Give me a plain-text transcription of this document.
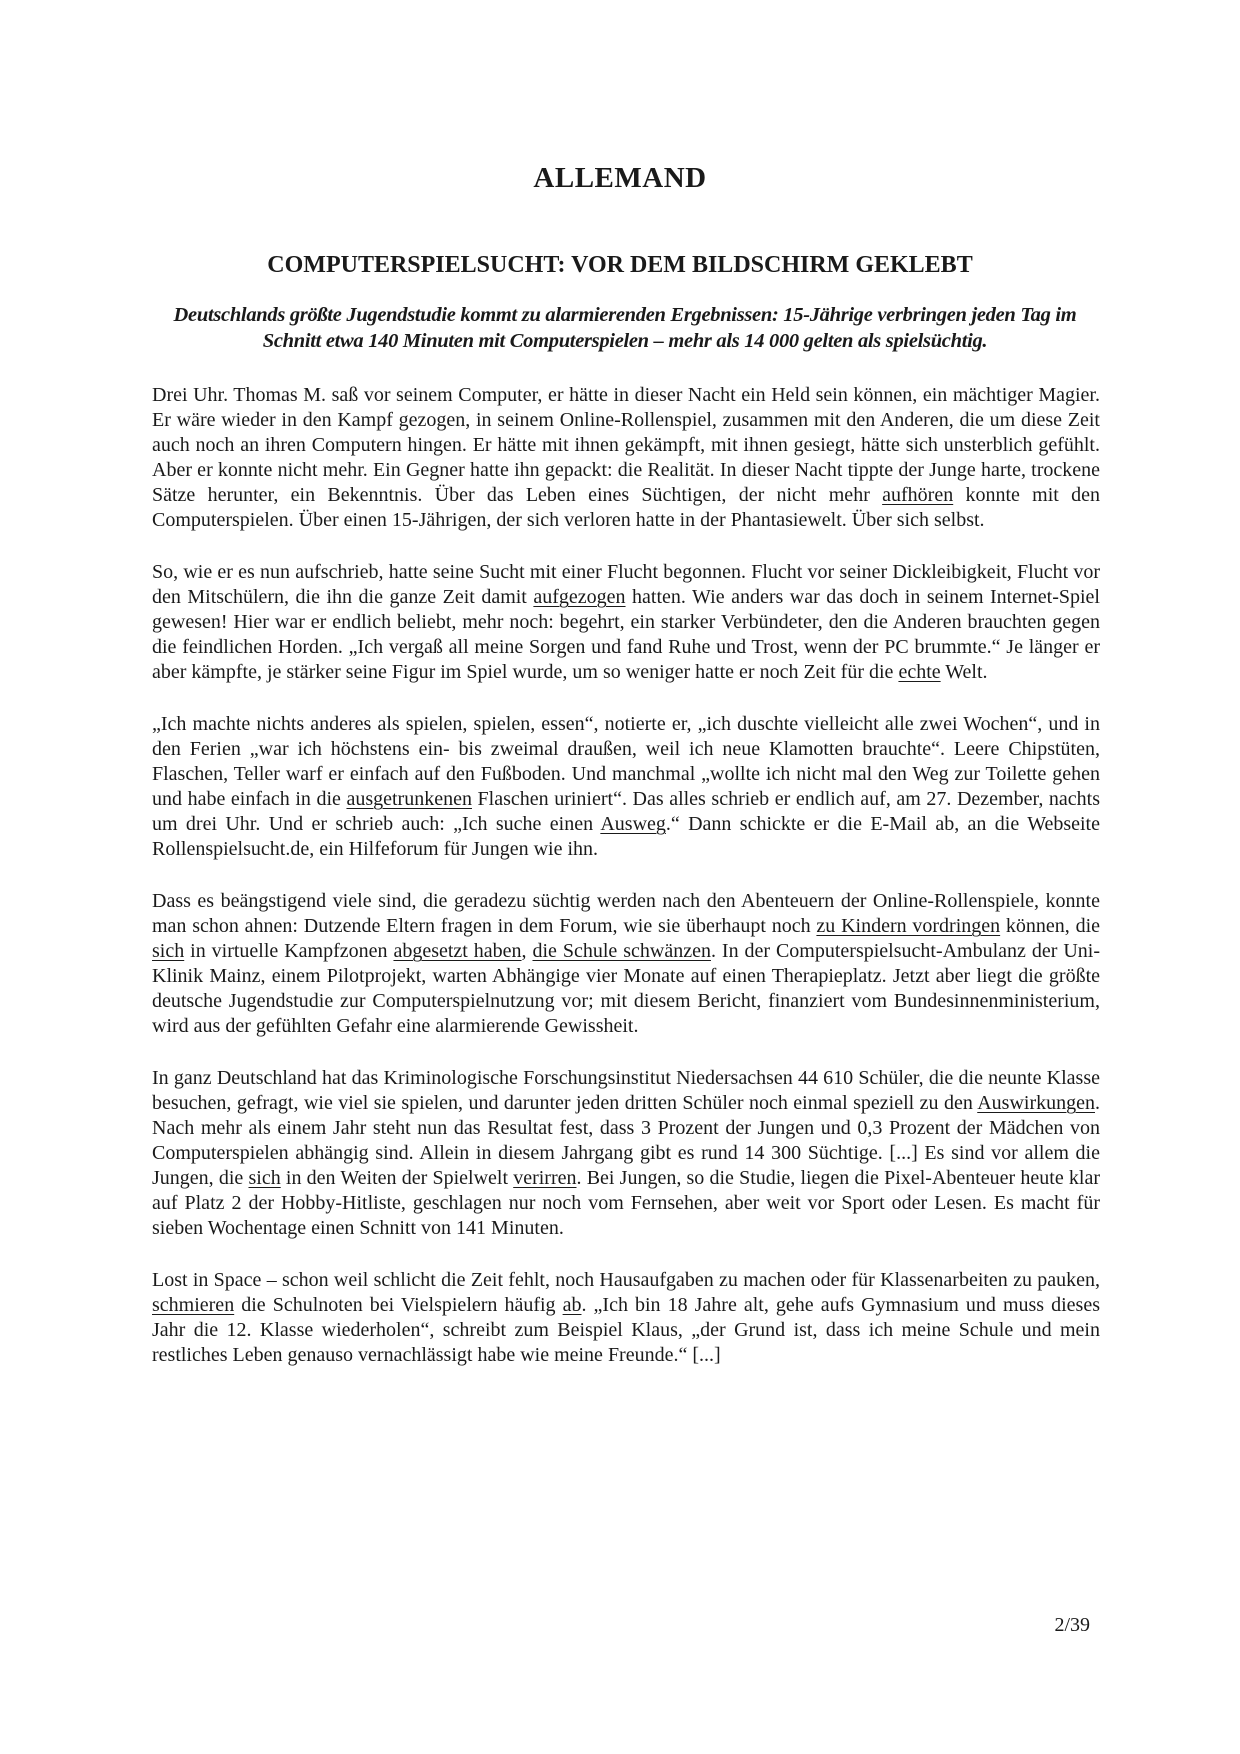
ALLEMAND
COMPUTERSPIELSUCHT: VOR DEM BILDSCHIRM GEKLEBT
Deutschlands größte Jugendstudie kommt zu alarmierenden Ergebnissen: 15-Jährige verbringen jeden Tag im Schnitt etwa 140 Minuten mit Computerspielen – mehr als 14 000 gelten als spielsüchtig.

Drei Uhr. Thomas M. saß vor seinem Computer, er hätte in dieser Nacht ein Held sein können, ein mächtiger Magier. Er wäre wieder in den Kampf gezogen, in seinem Online-Rollenspiel, zusammen mit den Anderen, die um diese Zeit auch noch an ihren Computern hingen. Er hätte mit ihnen gekämpft, mit ihnen gesiegt, hätte sich unsterblich gefühlt. Aber er konnte nicht mehr. Ein Gegner hatte ihn gepackt: die Realität. In dieser Nacht tippte der Junge harte, trockene Sätze herunter, ein Bekenntnis. Über das Leben eines Süchtigen, der nicht mehr aufhören konnte mit den Computerspielen. Über einen 15-Jährigen, der sich verloren hatte in der Phantasiewelt. Über sich selbst.

So, wie er es nun aufschrieb, hatte seine Sucht mit einer Flucht begonnen. Flucht vor seiner Dickleibigkeit, Flucht vor den Mitschülern, die ihn die ganze Zeit damit aufgezogen hatten. Wie anders war das doch in seinem Internet-Spiel gewesen! Hier war er endlich beliebt, mehr noch: begehrt, ein starker Verbündeter, den die Anderen brauchten gegen die feindlichen Horden. „Ich vergaß all meine Sorgen und fand Ruhe und Trost, wenn der PC brummte.“ Je länger er aber kämpfte, je stärker seine Figur im Spiel wurde, um so weniger hatte er noch Zeit für die echte Welt.

„Ich machte nichts anderes als spielen, spielen, essen“, notierte er, „ich duschte vielleicht alle zwei Wochen“, und in den Ferien „war ich höchstens ein- bis zweimal draußen, weil ich neue Klamotten brauchte“. Leere Chipstüten, Flaschen, Teller warf er einfach auf den Fußboden. Und manchmal „wollte ich nicht mal den Weg zur Toilette gehen und habe einfach in die ausgetrunkenen Flaschen uriniert“. Das alles schrieb er endlich auf, am 27. Dezember, nachts um drei Uhr. Und er schrieb auch: „Ich suche einen Ausweg.“ Dann schickte er die E-Mail ab, an die Webseite Rollenspielsucht.de, ein Hilfeforum für Jungen wie ihn.

Dass es beängstigend viele sind, die geradezu süchtig werden nach den Abenteuern der Online-Rollenspiele, konnte man schon ahnen: Dutzende Eltern fragen in dem Forum, wie sie überhaupt noch zu Kindern vordringen können, die sich in virtuelle Kampfzonen abgesetzt haben, die Schule schwänzen. In der Computerspielsucht-Ambulanz der Uni-Klinik Mainz, einem Pilotprojekt, warten Abhängige vier Monate auf einen Therapieplatz. Jetzt aber liegt die größte deutsche Jugendstudie zur Computerspielnutzung vor; mit diesem Bericht, finanziert vom Bundesinnenministerium, wird aus der gefühlten Gefahr eine alarmierende Gewissheit.

In ganz Deutschland hat das Kriminologische Forschungsinstitut Niedersachsen 44 610 Schüler, die die neunte Klasse besuchen, gefragt, wie viel sie spielen, und darunter jeden dritten Schüler noch einmal speziell zu den Auswirkungen. Nach mehr als einem Jahr steht nun das Resultat fest, dass 3 Prozent der Jungen und 0,3 Prozent der Mädchen von Computerspielen abhängig sind. Allein in diesem Jahrgang gibt es rund 14 300 Süchtige. [...] Es sind vor allem die Jungen, die sich in den Weiten der Spielwelt verirren. Bei Jungen, so die Studie, liegen die Pixel-Abenteuer heute klar auf Platz 2 der Hobby-Hitliste, geschlagen nur noch vom Fernsehen, aber weit vor Sport oder Lesen. Es macht für sieben Wochentage einen Schnitt von 141 Minuten.

Lost in Space – schon weil schlicht die Zeit fehlt, noch Hausaufgaben zu machen oder für Klassenarbeiten zu pauken, schmieren die Schulnoten bei Vielspielern häufig ab. „Ich bin 18 Jahre alt, gehe aufs Gymnasium und muss dieses Jahr die 12. Klasse wiederholen“, schreibt zum Beispiel Klaus, „der Grund ist, dass ich meine Schule und mein restliches Leben genauso vernachlässigt habe wie meine Freunde.“ [...]

2/39
